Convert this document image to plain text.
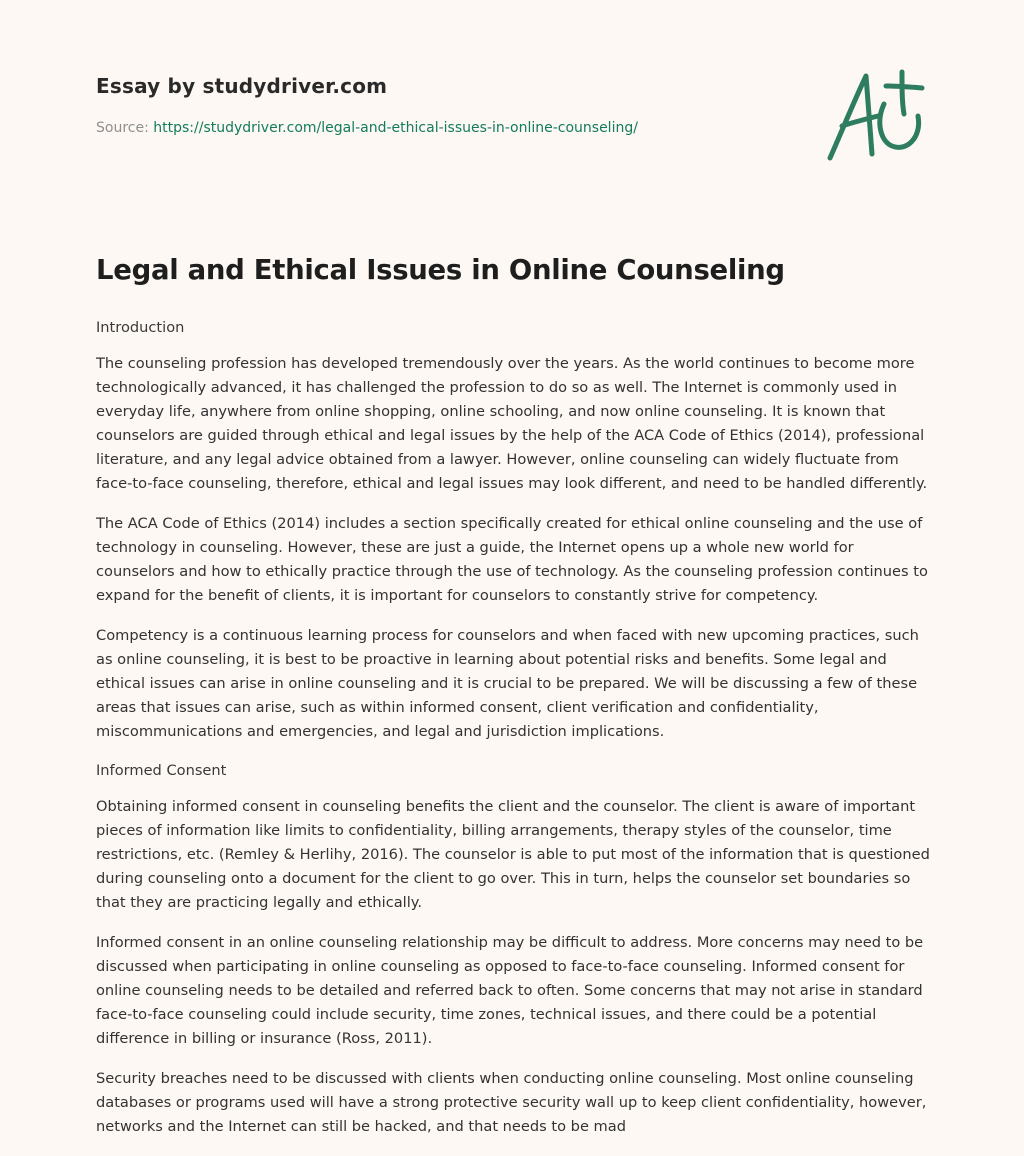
Essay by studydriver.com
Source: https://studydriver.com/legal-and-ethical-issues-in-online-counseling/
Legal and Ethical Issues in Online Counseling
Introduction

The counseling profession has developed tremendously over the years. As the world continues to become more technologically advanced, it has challenged the profession to do so as well. The Internet is commonly used in everyday life, anywhere from online shopping, online schooling, and now online counseling. It is known that counselors are guided through ethical and legal issues by the help of the ACA Code of Ethics (2014), professional literature, and any legal advice obtained from a lawyer. However, online counseling can widely fluctuate from face-to-face counseling, therefore, ethical and legal issues may look different, and need to be handled differently.

The ACA Code of Ethics (2014) includes a section specifically created for ethical online counseling and the use of technology in counseling. However, these are just a guide, the Internet opens up a whole new world for counselors and how to ethically practice through the use of technology. As the counseling profession continues to expand for the benefit of clients, it is important for counselors to constantly strive for competency.

Competency is a continuous learning process for counselors and when faced with new upcoming practices, such as online counseling, it is best to be proactive in learning about potential risks and benefits. Some legal and ethical issues can arise in online counseling and it is crucial to be prepared. We will be discussing a few of these areas that issues can arise, such as within informed consent, client verification and confidentiality, miscommunications and emergencies, and legal and jurisdiction implications.

Informed Consent

Obtaining informed consent in counseling benefits the client and the counselor. The client is aware of important pieces of information like limits to confidentiality, billing arrangements, therapy styles of the counselor, time restrictions, etc. (Remley & Herlihy, 2016). The counselor is able to put most of the information that is questioned during counseling onto a document for the client to go over. This in turn, helps the counselor set boundaries so that they are practicing legally and ethically.

Informed consent in an online counseling relationship may be difficult to address. More concerns may need to be discussed when participating in online counseling as opposed to face-to-face counseling. Informed consent for online counseling needs to be detailed and referred back to often. Some concerns that may not arise in standard face-to-face counseling could include security, time zones, technical issues, and there could be a potential difference in billing or insurance (Ross, 2011).

Security breaches need to be discussed with clients when conducting online counseling. Most online counseling databases or programs used will have a strong protective security wall up to keep client confidentiality, however, networks and the Internet can still be hacked, and that needs to be mad
